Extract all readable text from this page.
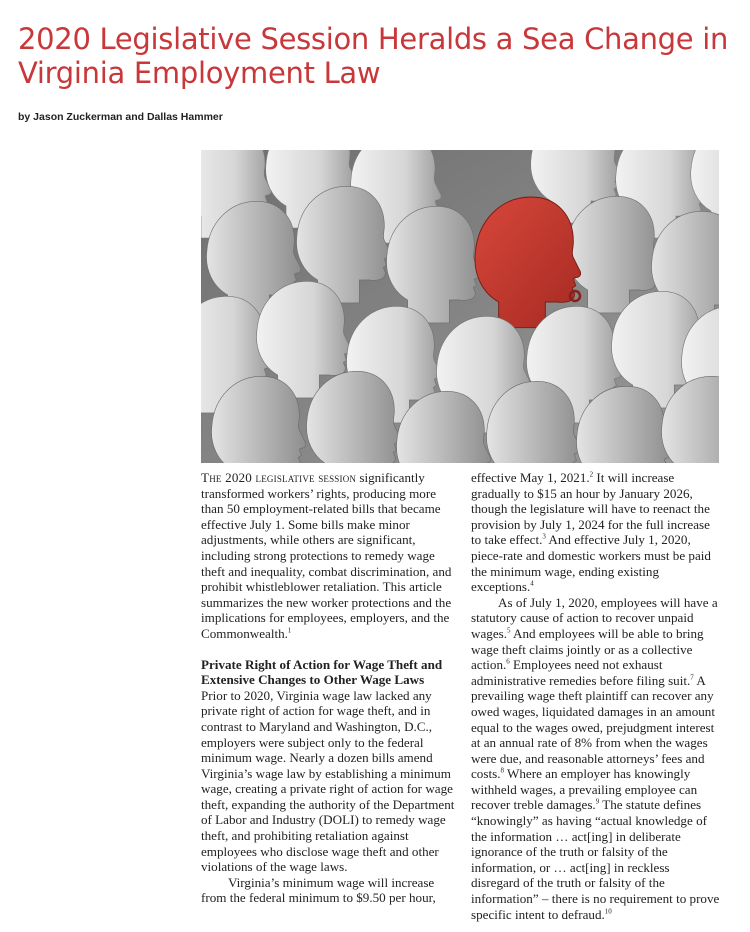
2020 Legislative Session Heralds a Sea Change in Virginia Employment Law
by Jason Zuckerman and Dallas Hammer

The 2020 legislative session significantly transformed workers’ rights, producing more than 50 employment-related bills that became effective July 1. Some bills make minor adjustments, while others are significant, including strong protections to remedy wage theft and inequality, combat discrimination, and prohibit whistleblower retaliation. This article summarizes the new worker protections and the implications for employees, employers, and the Commonwealth.$^1$

Private Right of Action for Wage Theft and Extensive Changes to Other Wage Laws

Prior to 2020, Virginia wage law lacked any private right of action for wage theft, and in contrast to Maryland and Washington, D.C., employers were subject only to the federal minimum wage. Nearly a dozen bills amend Virginia’s wage law by establishing a minimum wage, creating a private right of action for wage theft, expanding the authority of the Department of Labor and Industry (DOLI) to remedy wage theft, and prohibiting retaliation against employees who disclose wage theft and other violations of the wage laws.

Virginia’s minimum wage will increase from the federal minimum to $9.50 per hour,

effective May 1, 2021.$^2$ It will increase gradually to $15 an hour by January 2026, though the legislature will have to reenact the provision by July 1, 2024 for the full increase to take effect.$^3$ And effective July 1, 2020, piece-rate and domestic workers must be paid the minimum wage, ending existing exceptions.$^4$

As of July 1, 2020, employees will have a statutory cause of action to recover unpaid wages.$^5$ And employees will be able to bring wage theft claims jointly or as a collective action.$^6$ Employees need not exhaust administrative remedies before filing suit.$^7$ A prevailing wage theft plaintiff can recover any owed wages, liquidated damages in an amount equal to the wages owed, prejudgment interest at an annual rate of 8% from when the wages were due, and reasonable attorneys’ fees and costs.$^8$ Where an employer has knowingly withheld wages, a prevailing employee can recover treble damages.$^9$ The statute defines “knowingly” as having “actual knowledge of the information … act[ing] in deliberate ignorance of the truth or falsity of the information, or … act[ing] in reckless disregard of the truth or falsity of the information” – there is no requirement to prove specific intent to defraud.$^{10}$
